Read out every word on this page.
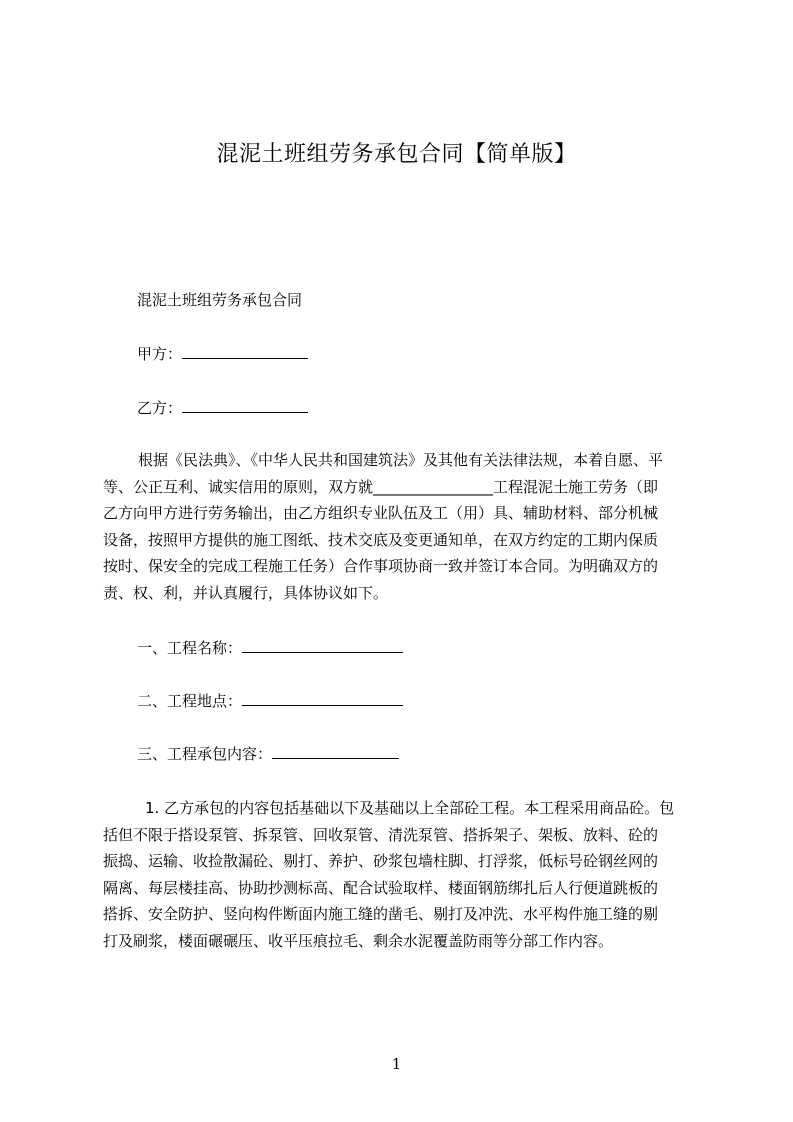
混泥土班组劳务承包合同【简单版】
混泥土班组劳务承包合同
甲方：
乙方：
根据《民法典》、《中华人民共和国建筑法》及其他有关法律法规，本着自愿、平
等、公正互利、诚实信用的原则，双方就________________工程混泥土施工劳务（即
乙方向甲方进行劳务输出，由乙方组织专业队伍及工（用）具、辅助材料、部分机械
设备，按照甲方提供的施工图纸、技术交底及变更通知单，在双方约定的工期内保质
按时、保安全的完成工程施工任务）合作事项协商一致并签订本合同。为明确双方的
责、权、利，并认真履行，具体协议如下。
一、工程名称：
二、工程地点：
三、工程承包内容：
1. 乙方承包的内容包括基础以下及基础以上全部砼工程。本工程采用商品砼。包
括但不限于搭设泵管、拆泵管、回收泵管、清洗泵管、搭拆架子、架板、放料、砼的
振捣、运输、收捡散漏砼、剔打、养护、砂浆包墙柱脚、打浮浆，低标号砼钢丝网的
隔离、每层楼挂高、协助抄测标高、配合试验取样、楼面钢筋绑扎后人行便道跳板的
搭拆、安全防护、竖向构件断面内施工缝的凿毛、剔打及冲洗、水平构件施工缝的剔
打及刷浆，楼面碾碾压、收平压痕拉毛、剩余水泥覆盖防雨等分部工作内容。
1
